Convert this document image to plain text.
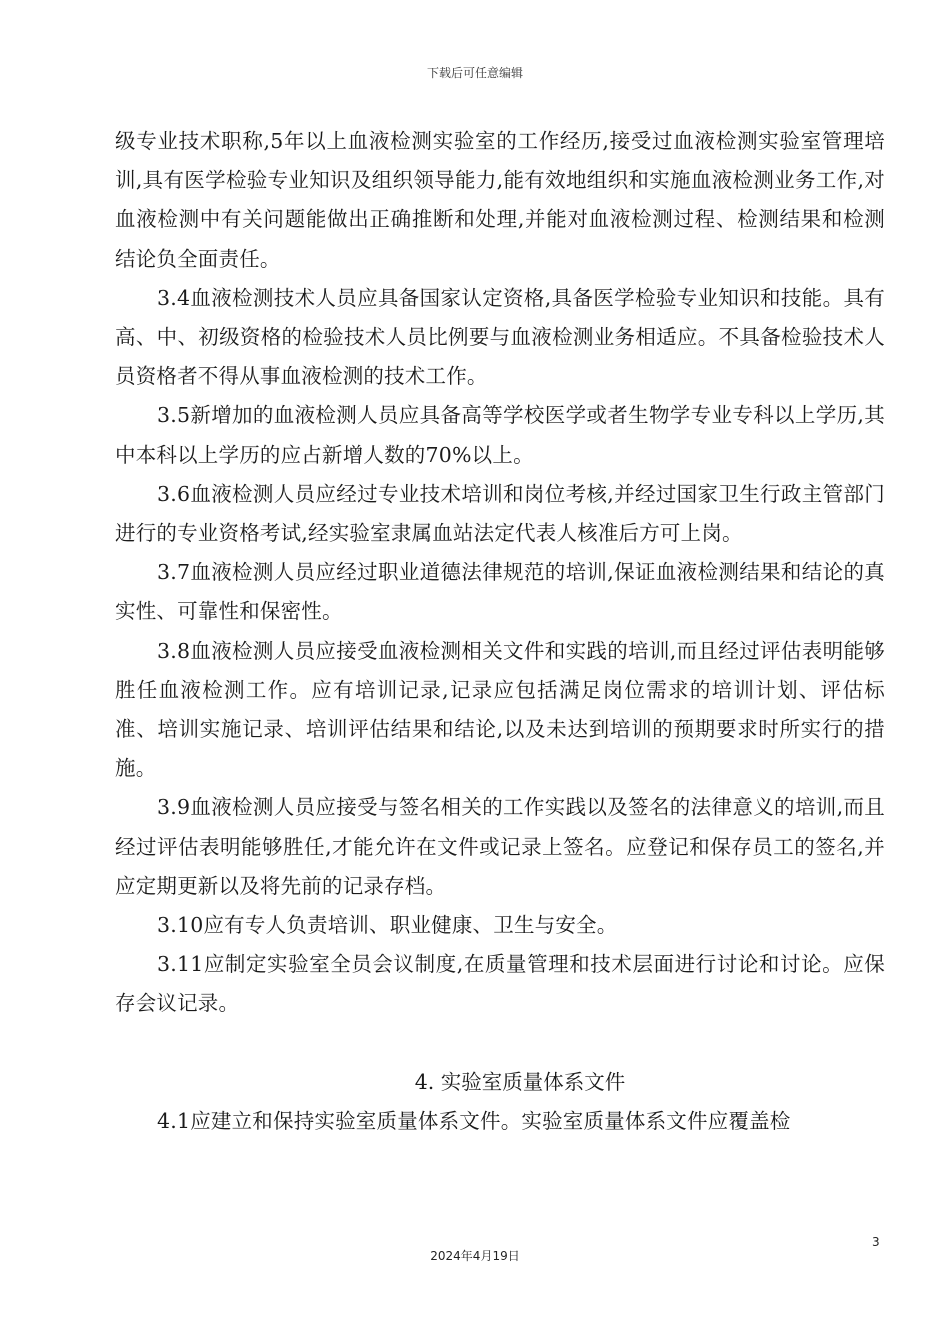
下载后可任意编辑

级专业技术职称,5年以上血液检测实验室的工作经历,接受过血液检测实验室管理培训,具有医学检验专业知识及组织领导能力,能有效地组织和实施血液检测业务工作,对血液检测中有关问题能做出正确推断和处理,并能对血液检测过程、检测结果和检测结论负全面责任。

3.4血液检测技术人员应具备国家认定资格,具备医学检验专业知识和技能。具有高、中、初级资格的检验技术人员比例要与血液检测业务相适应。不具备检验技术人员资格者不得从事血液检测的技术工作。

3.5新增加的血液检测人员应具备高等学校医学或者生物学专业专科以上学历,其中本科以上学历的应占新增人数的70%以上。

3.6血液检测人员应经过专业技术培训和岗位考核,并经过国家卫生行政主管部门进行的专业资格考试,经实验室隶属血站法定代表人核准后方可上岗。

3.7血液检测人员应经过职业道德法律规范的培训,保证血液检测结果和结论的真实性、可靠性和保密性。

3.8血液检测人员应接受血液检测相关文件和实践的培训,而且经过评估表明能够胜任血液检测工作。应有培训记录,记录应包括满足岗位需求的培训计划、评估标准、培训实施记录、培训评估结果和结论,以及未达到培训的预期要求时所实行的措施。

3.9血液检测人员应接受与签名相关的工作实践以及签名的法律意义的培训,而且经过评估表明能够胜任,才能允许在文件或记录上签名。应登记和保存员工的签名,并应定期更新以及将先前的记录存档。

3.10应有专人负责培训、职业健康、卫生与安全。

3.11应制定实验室全员会议制度,在质量管理和技术层面进行讨论和讨论。应保存会议记录。

4. 实验室质量体系文件

4.1应建立和保持实验室质量体系文件。实验室质量体系文件应覆盖检

3
2024年4月19日
